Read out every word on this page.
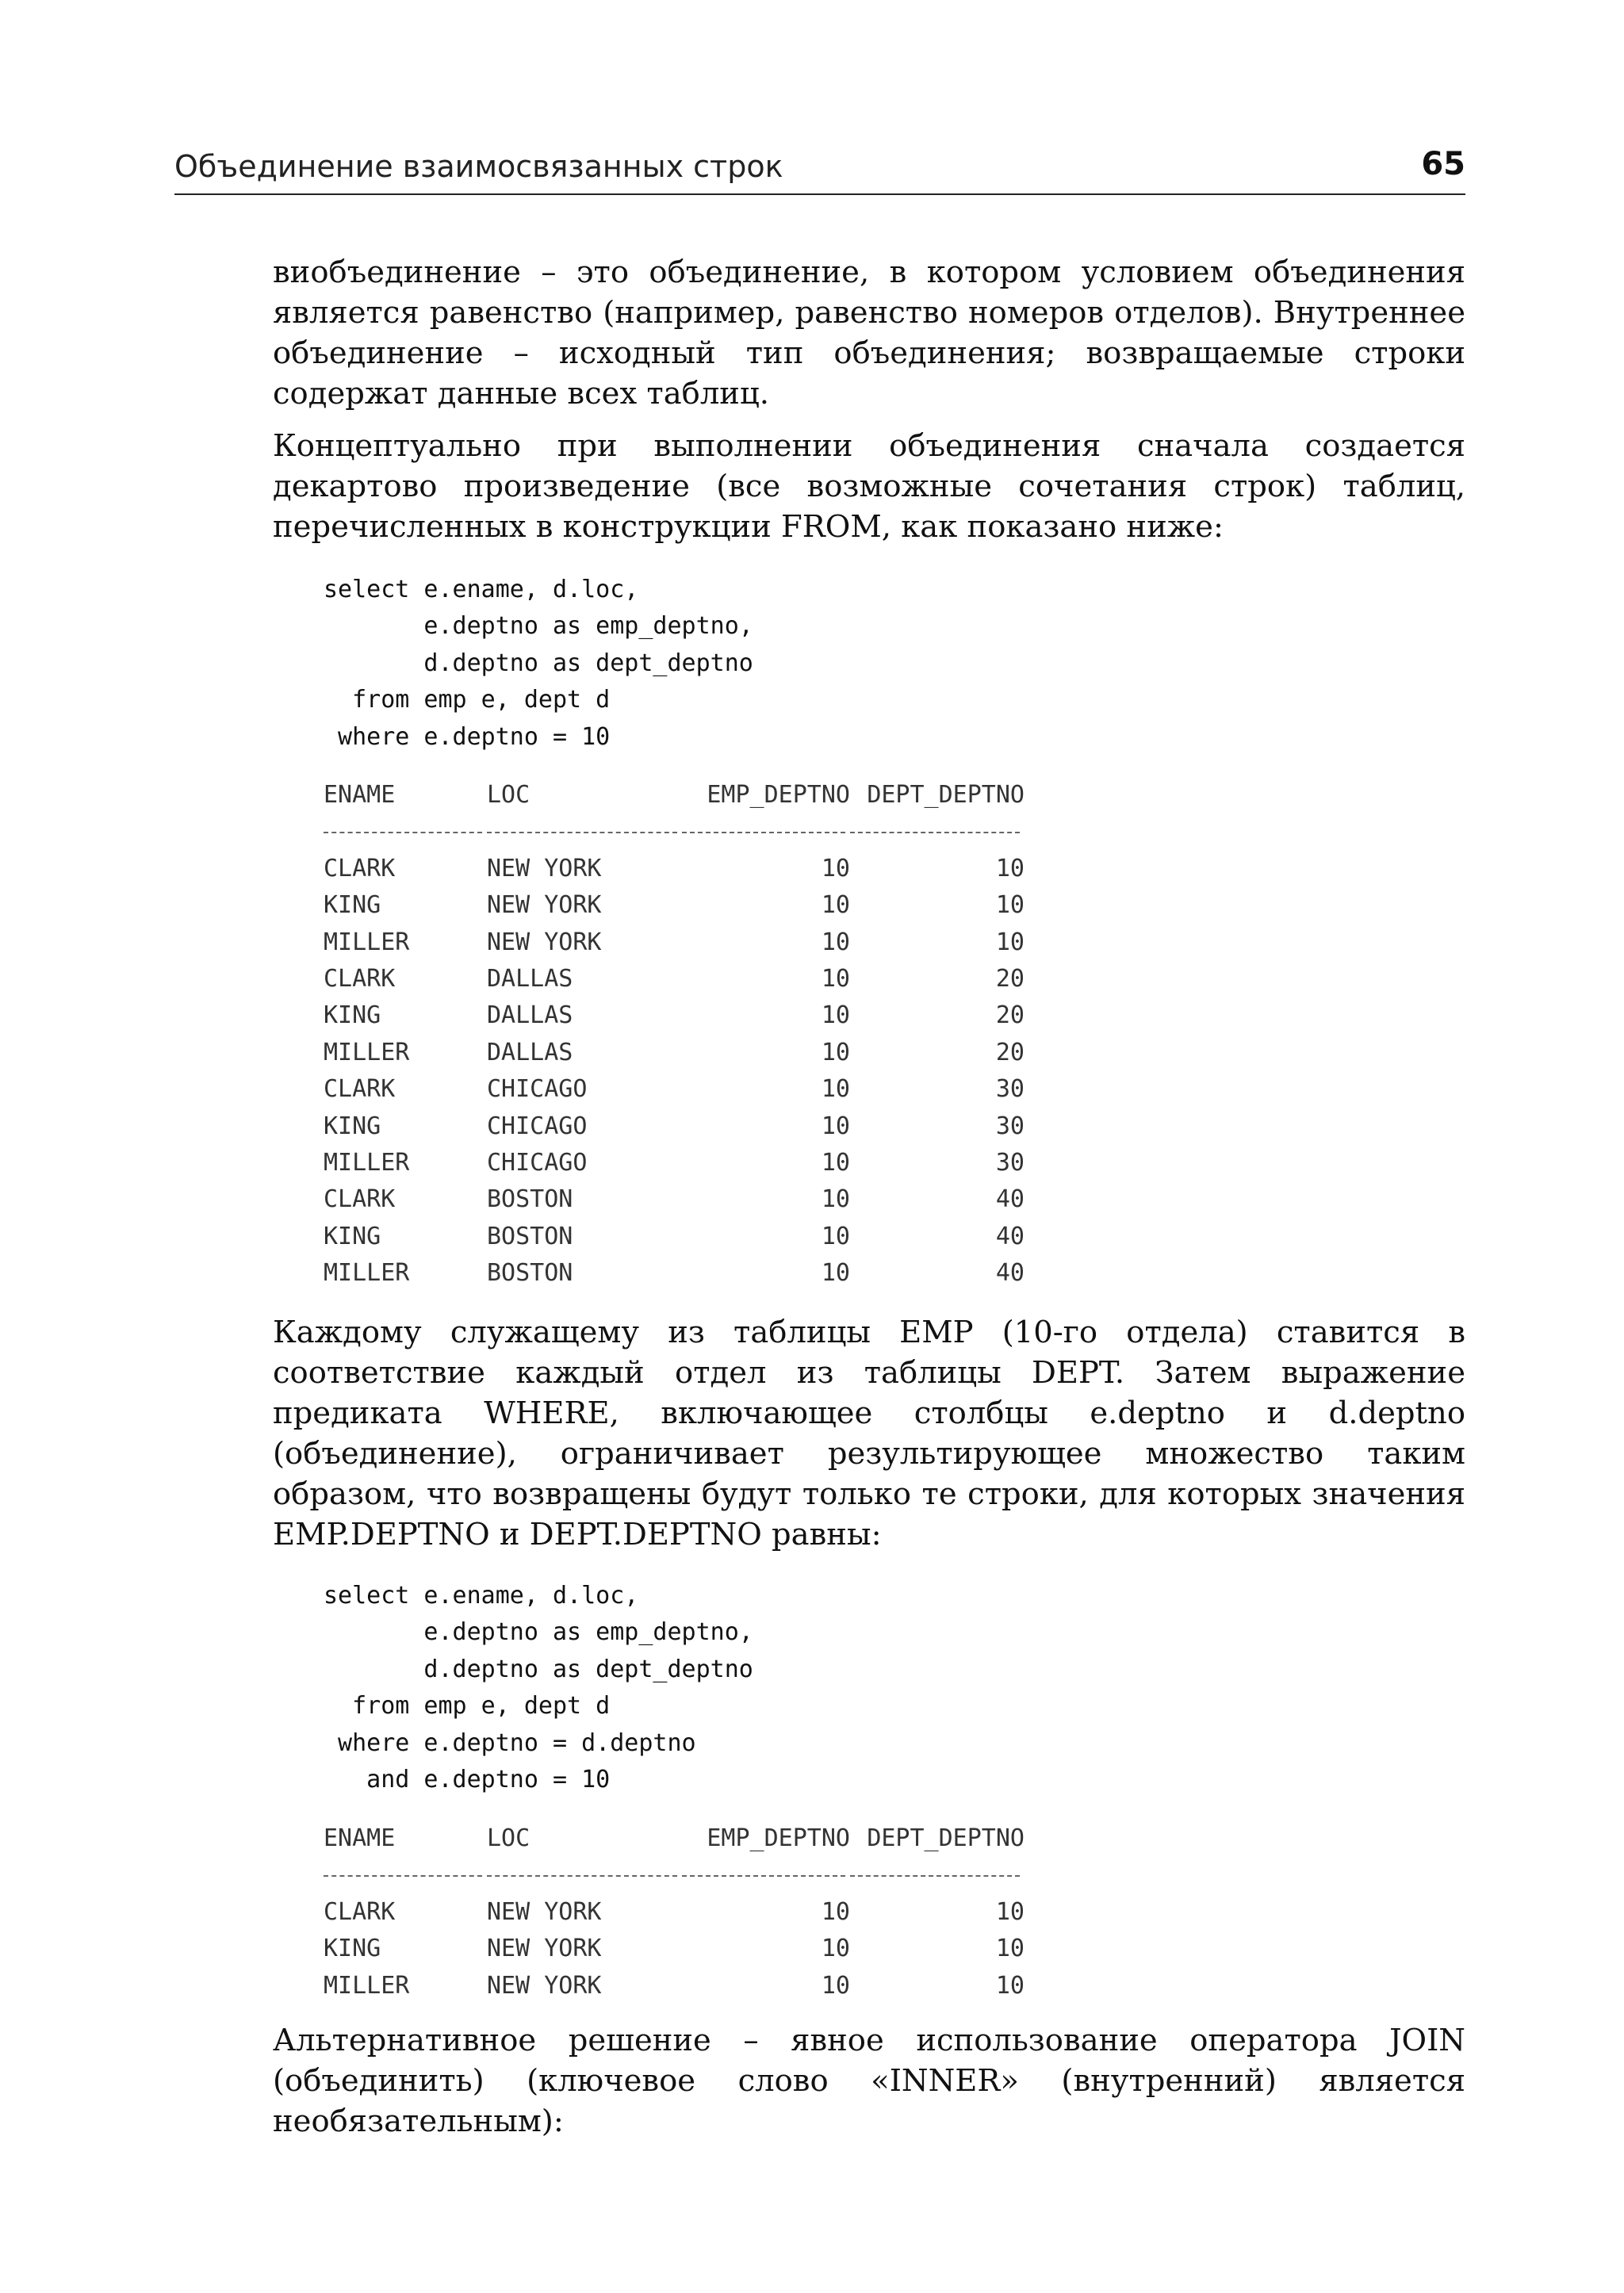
Объединение взаимосвязанных строк	65

виобъединение – это объединение, в котором условием объединения является равенство (например, равенство номеров отделов). Внутреннее объединение – исходный тип объединения; возвращаемые строки содержат данные всех таблиц.

Концептуально при выполнении объединения сначала создается декартово произведение (все возможные сочетания строк) таблиц, перечисленных в конструкции FROM, как показано ниже:

select e.ename, d.loc,
e.deptno as emp_deptno,
d.deptno as dept_deptno
from emp e, dept d
where e.deptno = 10
ENAME	LOC	EMP_DEPTNO	DEPT_DEPTNO

CLARK	NEW YORK	10	10
KING	NEW YORK	10	10
MILLER	NEW YORK	10	10
CLARK	DALLAS	10	20
KING	DALLAS	10	20
MILLER	DALLAS	10	20
CLARK	CHICAGO	10	30
KING	CHICAGO	10	30
MILLER	CHICAGO	10	30
CLARK	BOSTON	10	40
KING	BOSTON	10	40
MILLER	BOSTON	10	40

Каждому служащему из таблицы EMP (10-го отдела) ставится в соответствие каждый отдел из таблицы DEPT. Затем выражение предиката WHERE, включающее столбцы e.deptno и d.deptno (объединение), ограничивает результирующее множество таким образом, что возвращены будут только те строки, для которых значения EMP.DEPTNO и DEPT.DEPTNO равны:

select e.ename, d.loc,
e.deptno as emp_deptno,
d.deptno as dept_deptno
from emp e, dept d
where e.deptno = d.deptno
and e.deptno = 10
ENAME	LOC	EMP_DEPTNO	DEPT_DEPTNO

CLARK	NEW YORK	10	10
KING	NEW YORK	10	10
MILLER	NEW YORK	10	10

Альтернативное решение – явное использование оператора JOIN (объединить) (ключевое слово «INNER» (внутренний) является необязательным):
